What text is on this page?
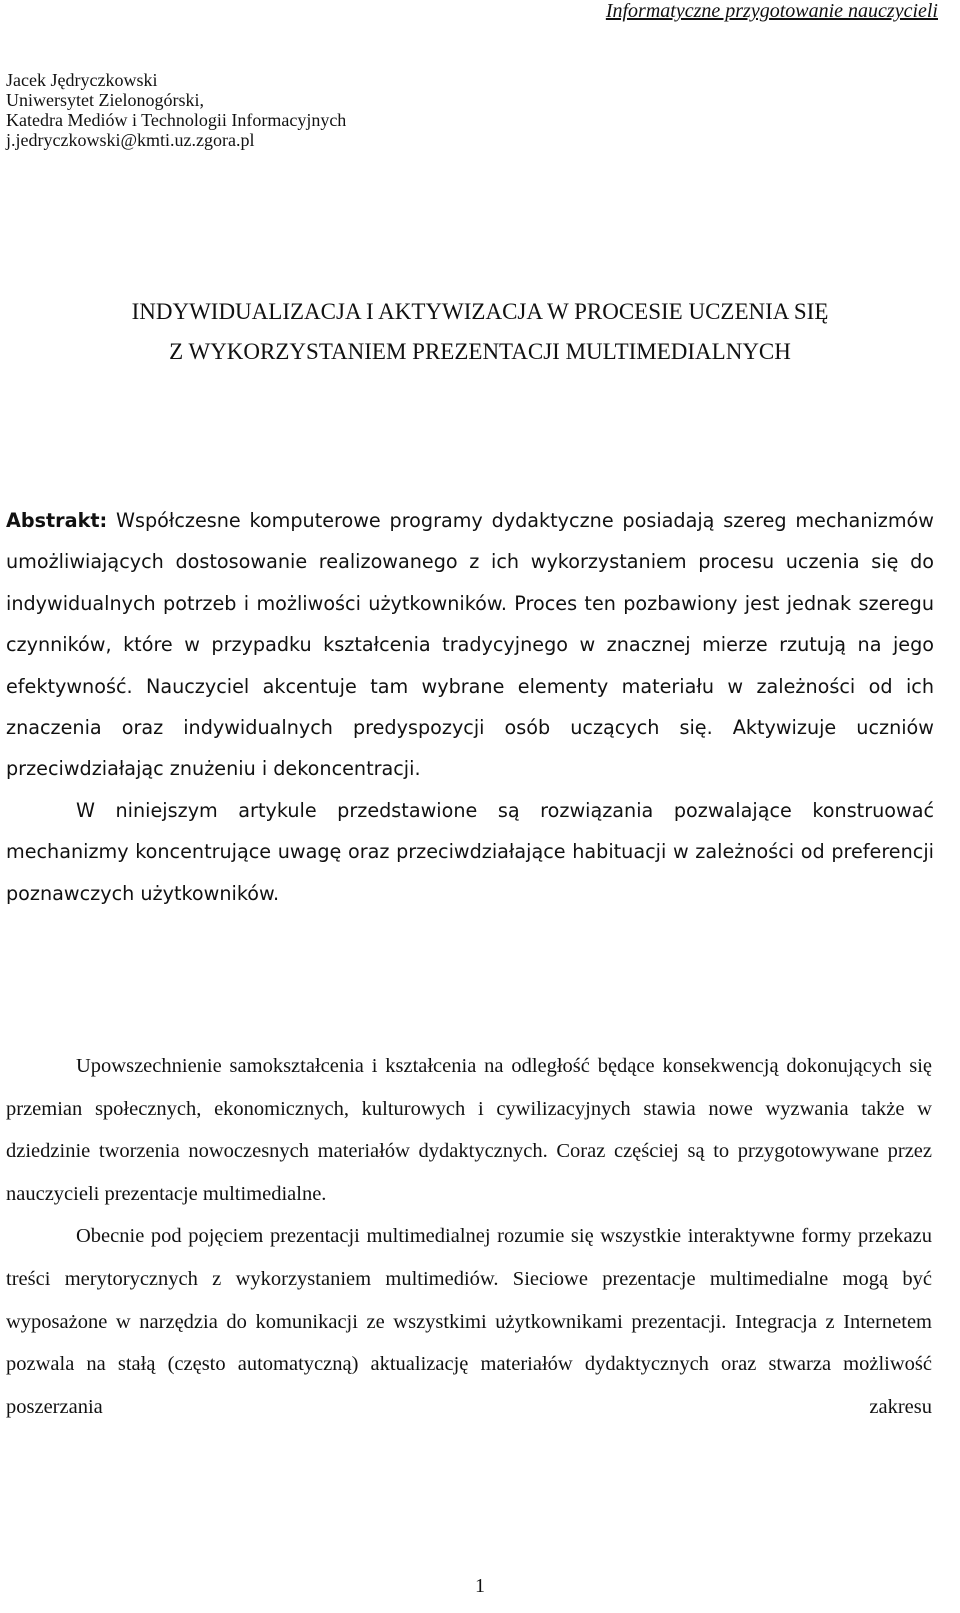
Informatyczne przygotowanie nauczycieli
Jacek Jędryczkowski
Uniwersytet Zielonogórski,
Katedra Mediów i Technologii Informacyjnych
j.jedryczkowski@kmti.uz.zgora.pl
INDYWIDUALIZACJA I AKTYWIZACJA W PROCESIE UCZENIA SIĘ
Z WYKORZYSTANIEM PREZENTACJI MULTIMEDIALNYCH

Abstrakt: Współczesne komputerowe programy dydaktyczne posiadają szereg mechanizmów umożliwiających dostosowanie realizowanego z ich wykorzystaniem procesu uczenia się do indywidualnych potrzeb i możliwości użytkowników. Proces ten pozbawiony jest jednak szeregu czynników, które w przypadku kształcenia tradycyjnego w znacznej mierze rzutują na jego efektywność. Nauczyciel akcentuje tam wybrane elementy materiału w zależności od ich znaczenia oraz indywidualnych predyspozycji osób uczących się. Aktywizuje uczniów przeciwdziałając znużeniu i dekoncentracji.

W niniejszym artykule przedstawione są rozwiązania pozwalające konstruować mechanizmy koncentrujące uwagę oraz przeciwdziałające habituacji w zależności od preferencji poznawczych użytkowników.

Upowszechnienie samokształcenia i kształcenia na odległość będące konsekwencją dokonujących się przemian społecznych, ekonomicznych, kulturowych i cywilizacyjnych stawia nowe wyzwania także w dziedzinie tworzenia nowoczesnych materiałów dydaktycznych. Coraz częściej są to przygotowywane przez nauczycieli prezentacje multimedialne.

Obecnie pod pojęciem prezentacji multimedialnej rozumie się wszystkie interaktywne formy przekazu treści merytorycznych z wykorzystaniem multimediów. Sieciowe prezentacje multimedialne mogą być wyposażone w narzędzia do komunikacji ze wszystkimi użytkownikami prezentacji. Integracja z Internetem pozwala na stałą (często automatyczną) aktualizację materiałów dydaktycznych oraz stwarza możliwość poszerzania zakresu

1
